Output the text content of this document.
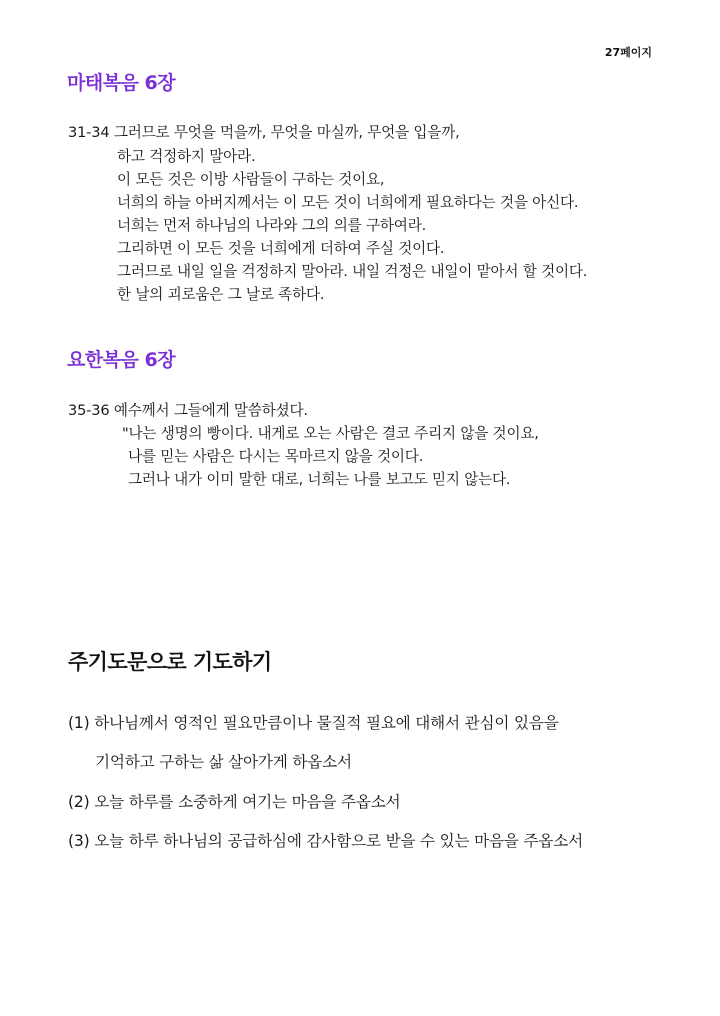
27페이지
마태복음 6장
31-34 그러므로 무엇을 먹을까, 무엇을 마실까, 무엇을 입을까,
하고 걱정하지 말아라.
이 모든 것은 이방 사람들이 구하는 것이요,
너희의 하늘 아버지께서는 이 모든 것이 너희에게 필요하다는 것을 아신다.
너희는 먼저 하나님의 나라와 그의 의를 구하여라.
그리하면 이 모든 것을 너희에게 더하여 주실 것이다.
그러므로 내일 일을 걱정하지 말아라. 내일 걱정은 내일이 맡아서 할 것이다.
한 날의 괴로움은 그 날로 족하다.
요한복음 6장
35-36 예수께서 그들에게 말씀하셨다.
"나는 생명의 빵이다. 내게로 오는 사람은 결코 주리지 않을 것이요,
나를 믿는 사람은 다시는 목마르지 않을 것이다.
그러나 내가 이미 말한 대로, 너희는 나를 보고도 믿지 않는다.
주기도문으로 기도하기
(1) 하나님께서 영적인 필요만큼이나 물질적 필요에 대해서 관심이 있음을
기억하고 구하는 삶 살아가게 하옵소서
(2) 오늘 하루를 소중하게 여기는 마음을 주옵소서
(3) 오늘 하루 하나님의 공급하심에 감사함으로 받을 수 있는 마음을 주옵소서
